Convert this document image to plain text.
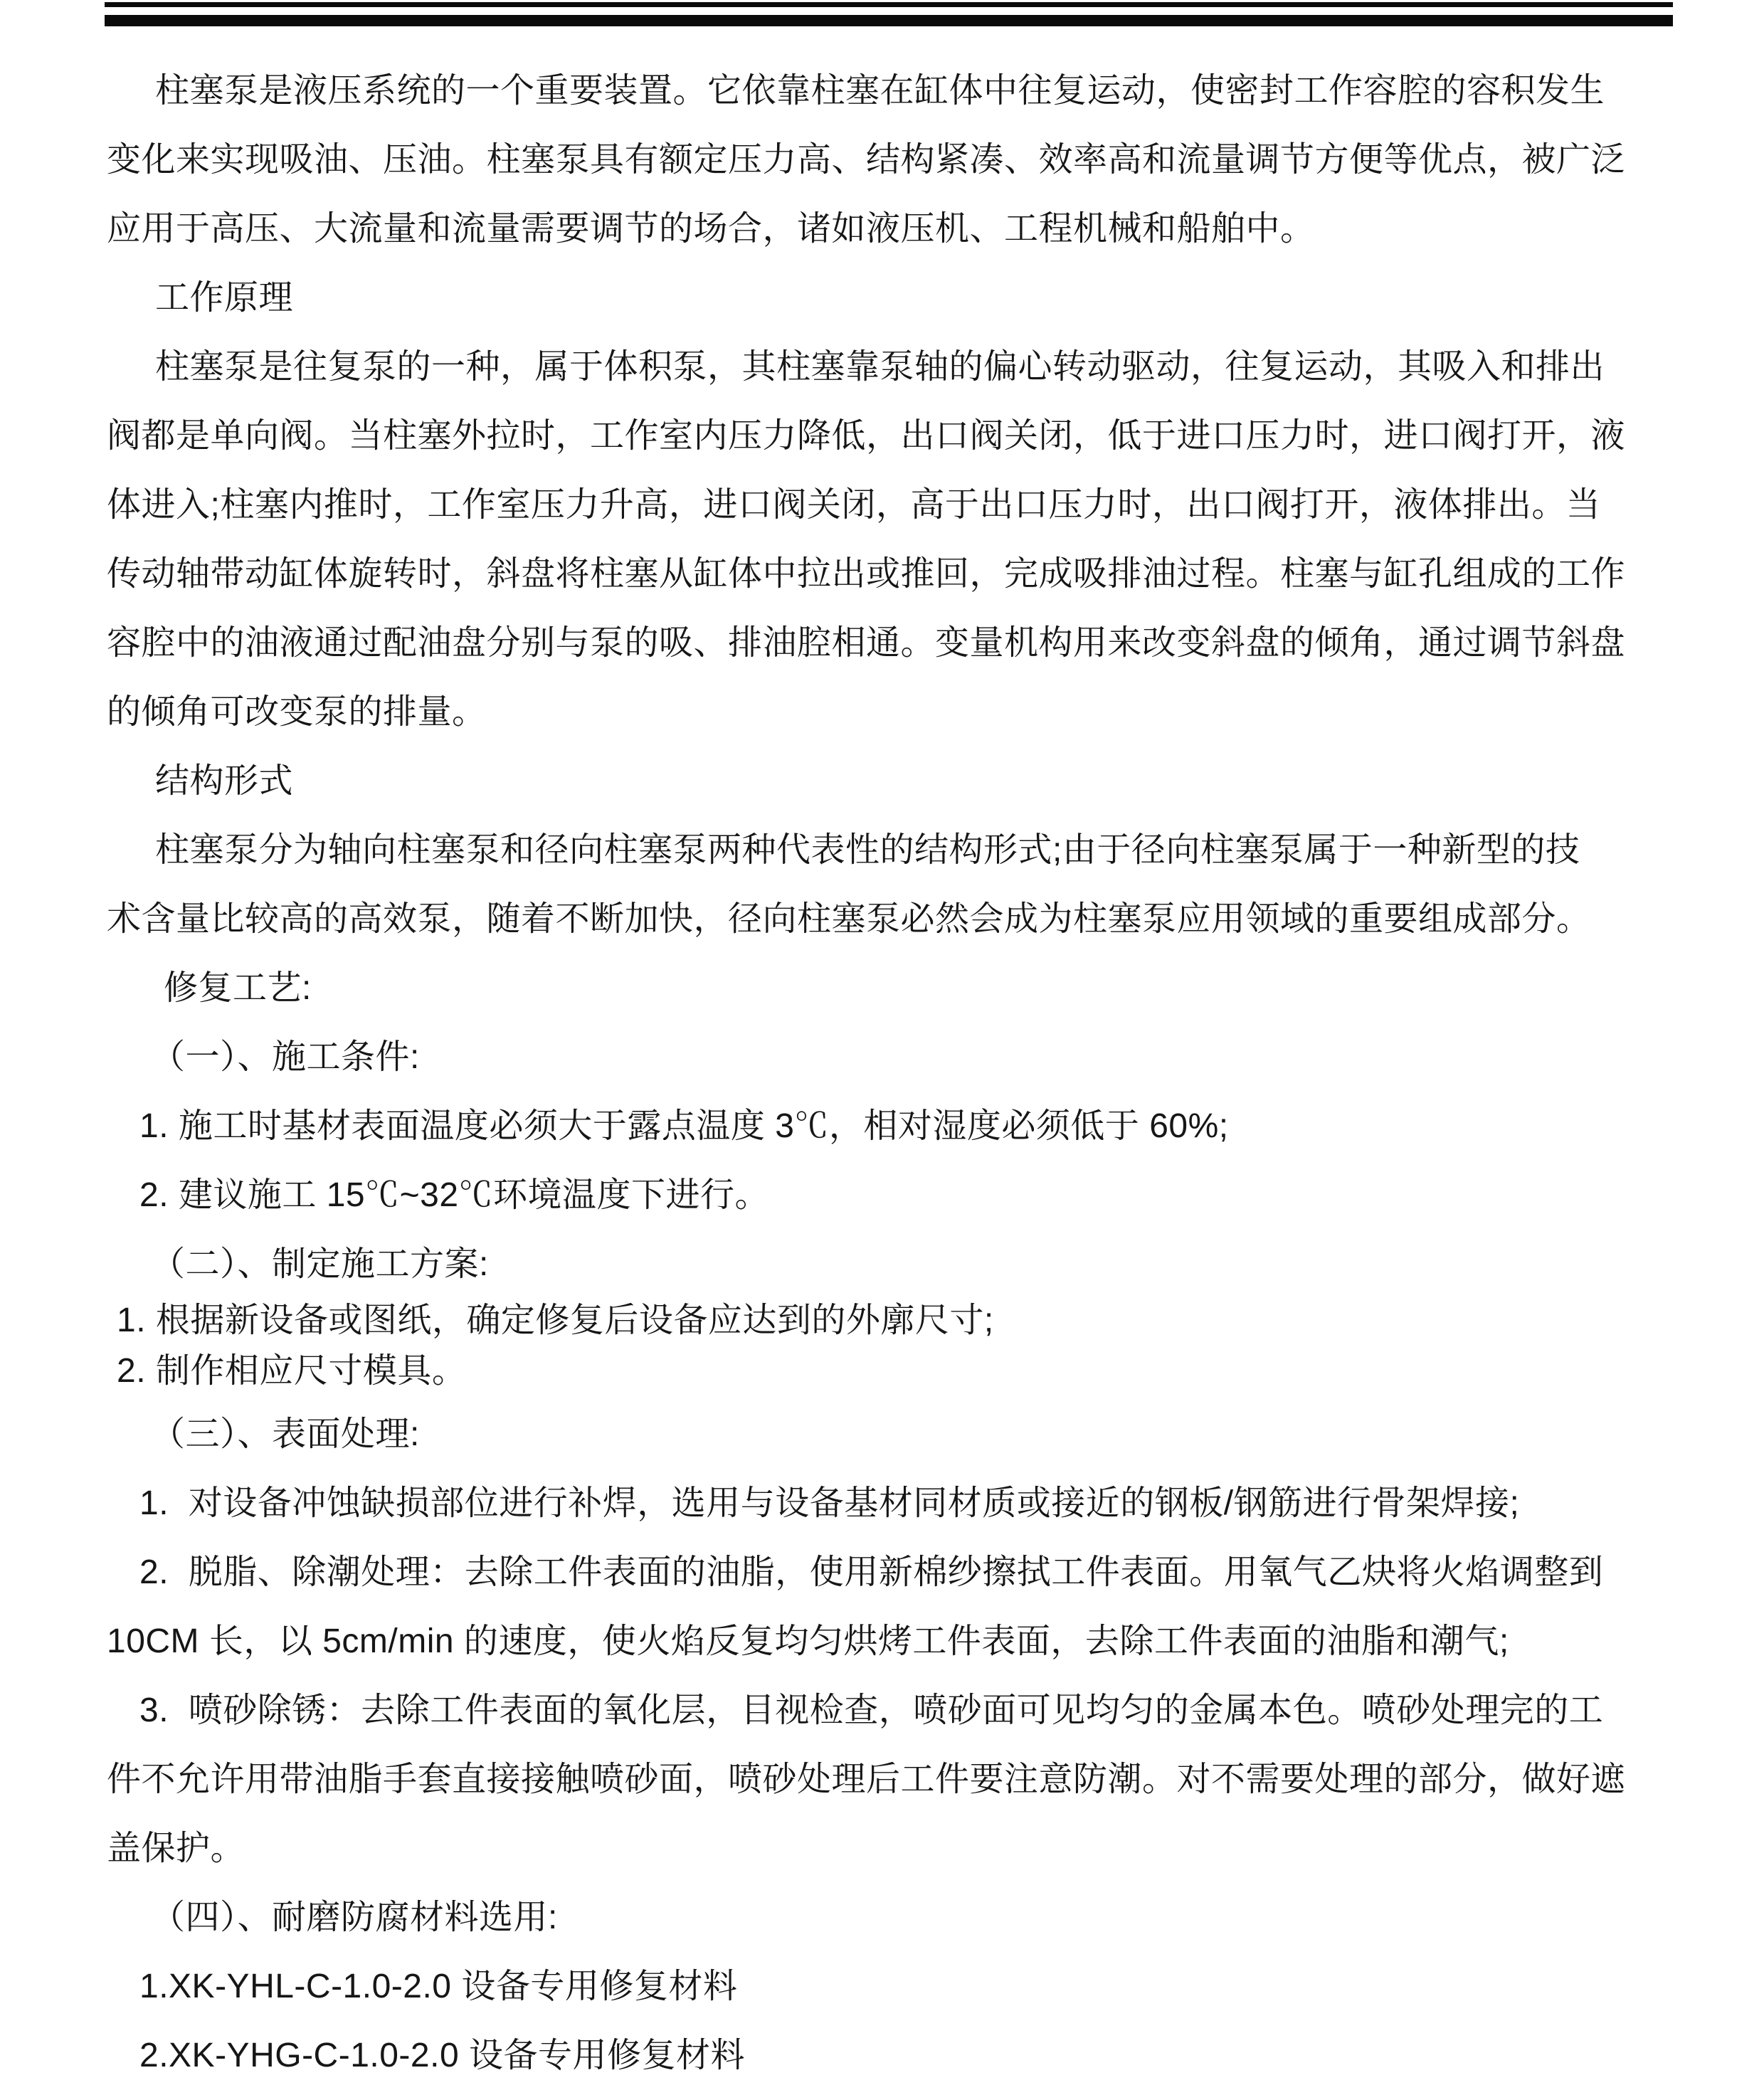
柱塞泵是液压系统的一个重要装置。它依靠柱塞在缸体中往复运动，使密封工作容腔的容积发生
变化来实现吸油、压油。柱塞泵具有额定压力高、结构紧凑、效率高和流量调节方便等优点，被广泛
应用于高压、大流量和流量需要调节的场合，诸如液压机、工程机械和船舶中。
工作原理
柱塞泵是往复泵的一种，属于体积泵，其柱塞靠泵轴的偏心转动驱动，往复运动，其吸入和排出
阀都是单向阀。当柱塞外拉时，工作室内压力降低，出口阀关闭，低于进口压力时，进口阀打开，液
体进入;柱塞内推时，工作室压力升高，进口阀关闭，高于出口压力时，出口阀打开，液体排出。当
传动轴带动缸体旋转时，斜盘将柱塞从缸体中拉出或推回，完成吸排油过程。柱塞与缸孔组成的工作
容腔中的油液通过配油盘分别与泵的吸、排油腔相通。变量机构用来改变斜盘的倾角，通过调节斜盘
的倾角可改变泵的排量。
结构形式
柱塞泵分为轴向柱塞泵和径向柱塞泵两种代表性的结构形式;由于径向柱塞泵属于一种新型的技
术含量比较高的高效泵，随着不断加快，径向柱塞泵必然会成为柱塞泵应用领域的重要组成部分。
修复工艺:
（一）、施工条件:
1. 施工时基材表面温度必须大于露点温度 3℃，相对湿度必须低于 60%;
2. 建议施工 15℃~32℃环境温度下进行。
（二）、制定施工方案:
1. 根据新设备或图纸，确定修复后设备应达到的外廓尺寸;
2. 制作相应尺寸模具。
（三）、表面处理:
1.  对设备冲蚀缺损部位进行补焊，选用与设备基材同材质或接近的钢板/钢筋进行骨架焊接;
2.  脱脂、除潮处理：去除工件表面的油脂，使用新棉纱擦拭工件表面。用氧气乙炔将火焰调整到
10CM 长，以 5cm/min 的速度，使火焰反复均匀烘烤工件表面，去除工件表面的油脂和潮气;
3.  喷砂除锈：去除工件表面的氧化层，目视检查，喷砂面可见均匀的金属本色。喷砂处理完的工
件不允许用带油脂手套直接接触喷砂面，喷砂处理后工件要注意防潮。对不需要处理的部分，做好遮
盖保护。
（四）、耐磨防腐材料选用:
1.XK-YHL-C-1.0-2.0 设备专用修复材料
2.XK-YHG-C-1.0-2.0 设备专用修复材料
